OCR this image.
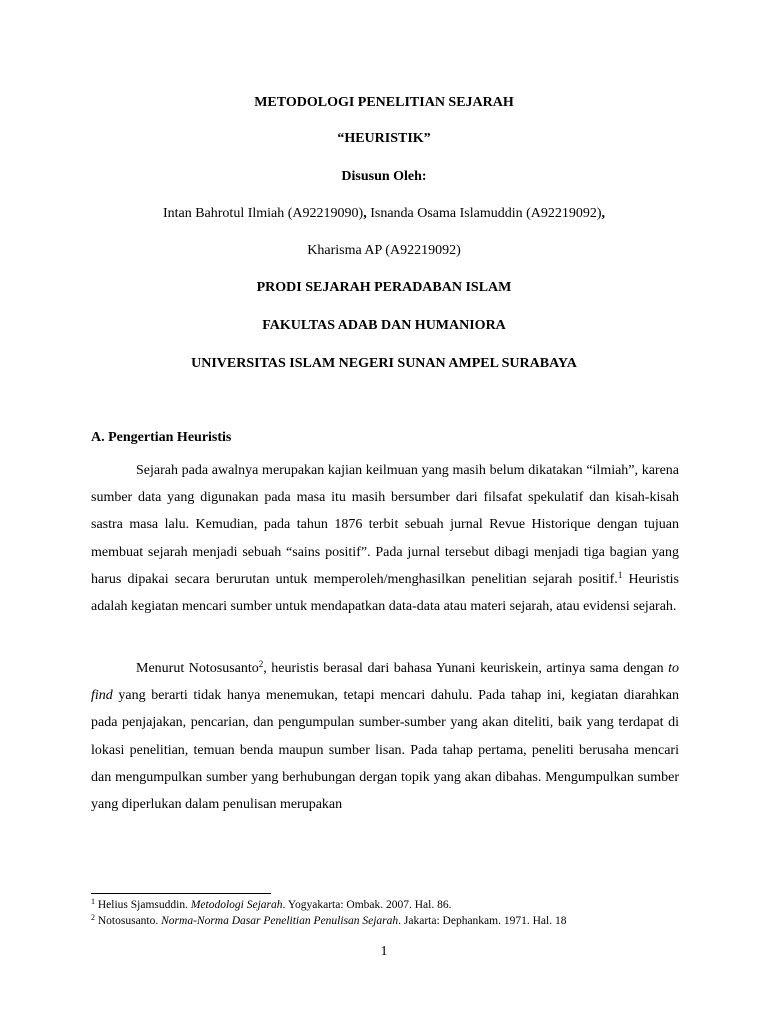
METODOLOGI PENELITIAN SEJARAH
“HEURISTIK”
Disusun Oleh:
Intan Bahrotul Ilmiah (A92219090), Isnanda Osama Islamuddin (A92219092),
Kharisma AP (A92219092)
PRODI SEJARAH PERADABAN ISLAM
FAKULTAS ADAB DAN HUMANIORA
UNIVERSITAS ISLAM NEGERI SUNAN AMPEL SURABAYA
A. Pengertian Heuristis

Sejarah pada awalnya merupakan kajian keilmuan yang masih belum dikatakan “ilmiah”, karena sumber data yang digunakan pada masa itu masih bersumber dari filsafat spekulatif dan kisah-kisah sastra masa lalu. Kemudian, pada tahun 1876 terbit sebuah jurnal Revue Historique dengan tujuan membuat sejarah menjadi sebuah “sains positif”. Pada jurnal tersebut dibagi menjadi tiga bagian yang harus dipakai secara berurutan untuk memperoleh/menghasilkan penelitian sejarah positif.$^1$ Heuristis adalah kegiatan mencari sumber untuk mendapatkan data-data atau materi sejarah, atau evidensi sejarah.

Menurut Notosusanto$^2$, heuristis berasal dari bahasa Yunani keuriskein, artinya sama dengan to find yang berarti tidak hanya menemukan, tetapi mencari dahulu. Pada tahap ini, kegiatan diarahkan pada penjajakan, pencarian, dan pengumpulan sumber-sumber yang akan diteliti, baik yang terdapat di lokasi penelitian, temuan benda maupun sumber lisan. Pada tahap pertama, peneliti berusaha mencari dan mengumpulkan sumber yang berhubungan dergan topik yang akan dibahas. Mengumpulkan sumber yang diperlukan dalam penulisan merupakan

$^1$ Helius Sjamsuddin. Metodologi Sejarah. Yogyakarta: Ombak. 2007. Hal. 86.
$^2$ Notosusanto. Norma-Norma Dasar Penelitian Penulisan Sejarah. Jakarta: Dephankam. 1971. Hal. 18
1
